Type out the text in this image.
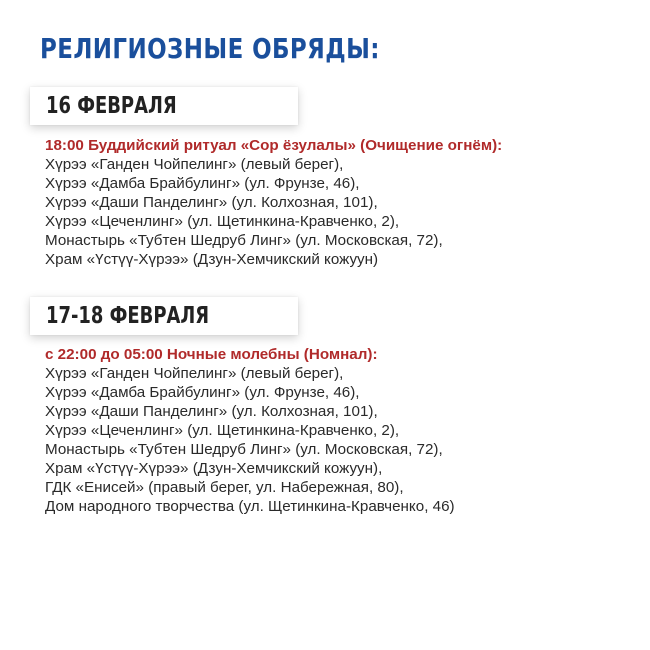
РЕЛИГИОЗНЫЕ ОБРЯДЫ:
16 ФЕВРАЛЯ
18:00 Буддийский ритуал «Сор ёзулалы» (Очищение огнём):
Хүрээ «Ганден Чойпелинг» (левый берег),
Хүрээ «Дамба Брайбулинг» (ул. Фрунзе, 46),
Хүрээ «Даши Панделинг» (ул. Колхозная, 101),
Хүрээ «Цеченлинг» (ул. Щетинкина-Кравченко, 2),
Монастырь «Тубтен Шедруб Линг» (ул. Московская, 72),
Храм «Үстүү-Хүрээ» (Дзун-Хемчикский кожуун)
17-18 ФЕВРАЛЯ
с 22:00 до 05:00 Ночные молебны (Номнал):
Хүрээ «Ганден Чойпелинг» (левый берег),
Хүрээ «Дамба Брайбулинг» (ул. Фрунзе, 46),
Хүрээ «Даши Панделинг» (ул. Колхозная, 101),
Хүрээ «Цеченлинг» (ул. Щетинкина-Кравченко, 2),
Монастырь «Тубтен Шедруб Линг» (ул. Московская, 72),
Храм «Үстүү-Хүрээ» (Дзун-Хемчикский кожуун),
ГДК «Енисей» (правый берег, ул. Набережная, 80),
Дом народного творчества (ул. Щетинкина-Кравченко, 46)
